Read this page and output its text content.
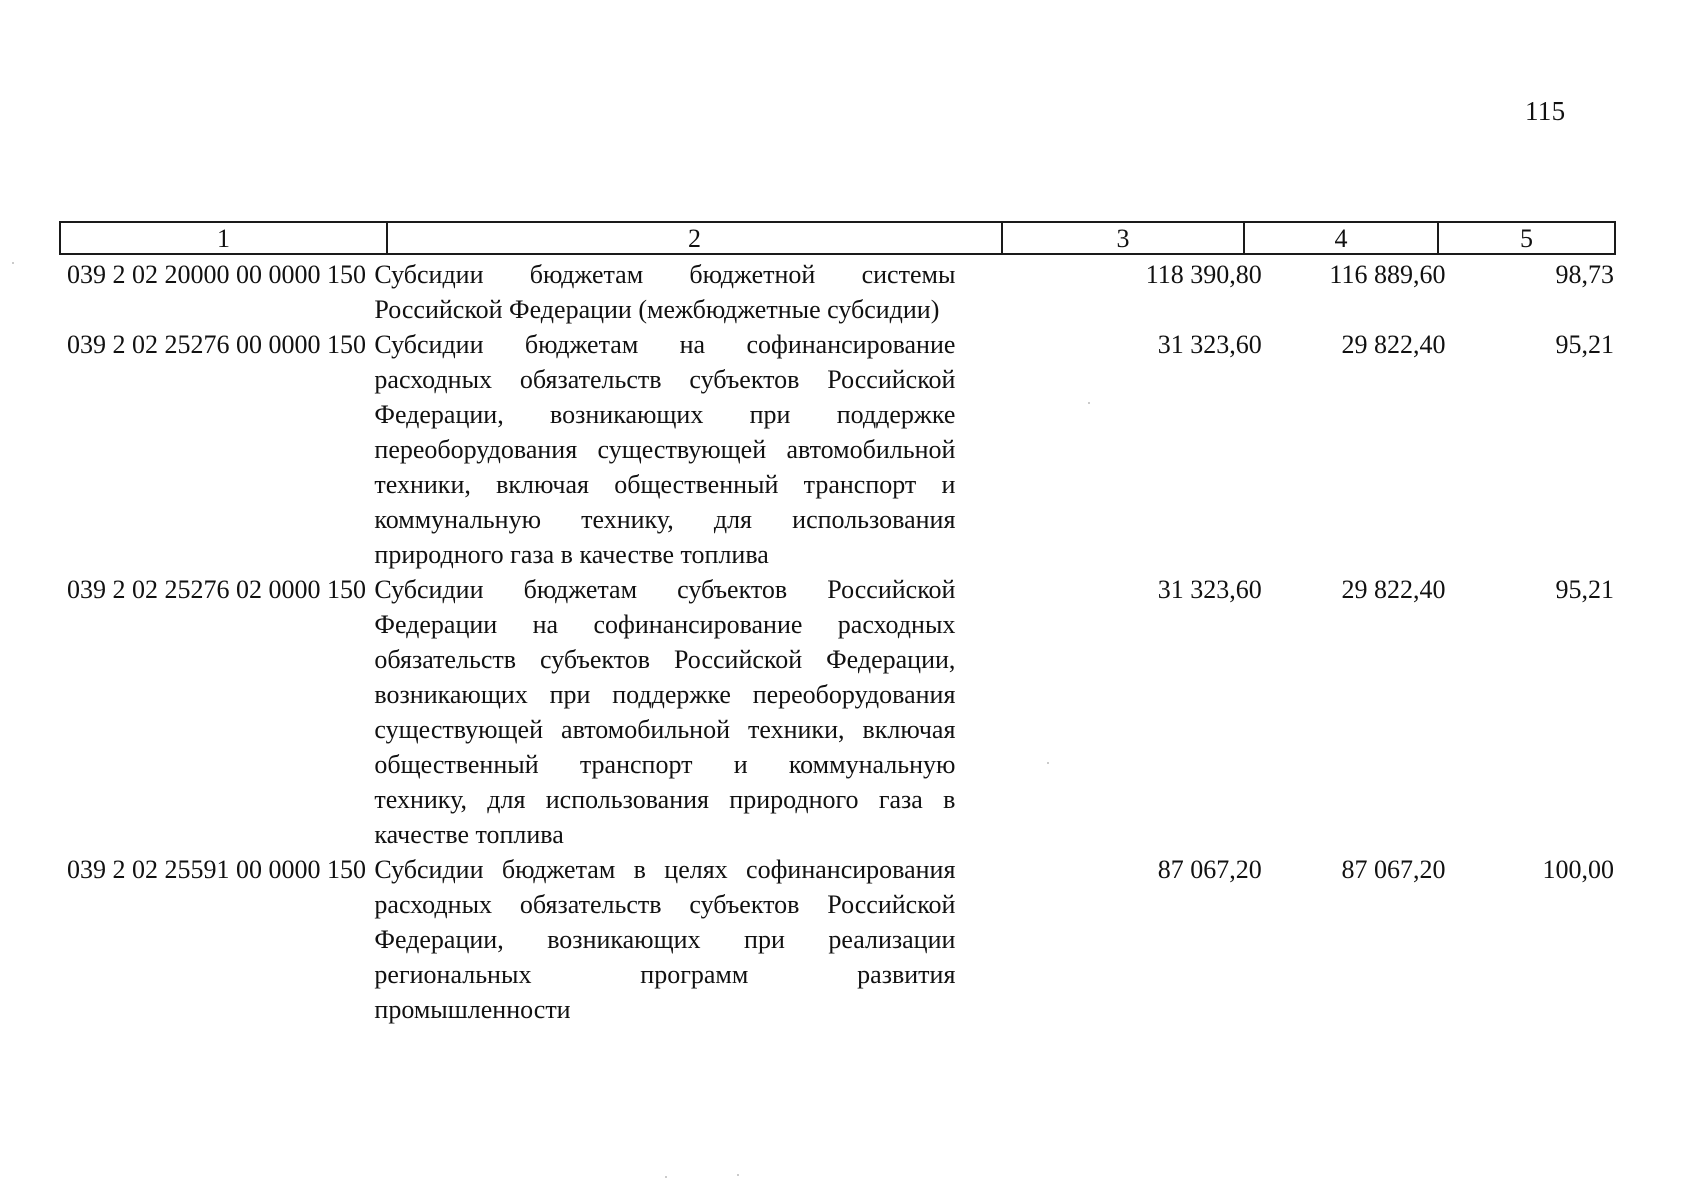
115
1	2	3	4	5
039 2 02 20000 00 0000 150 Субсидии бюджетам бюджетной системы
Российской Федерации (межбюджетные субсидии)
118 390,80	116 889,60	98,73
039 2 02 25276 00 0000 150 Субсидии бюджетам на софинансирование
расходных обязательств субъектов Российской
Федерации, возникающих при поддержке
переоборудования существующей автомобильной
техники, включая общественный транспорт и
коммунальную технику, для использования
природного газа в качестве топлива
31 323,60	29 822,40	95,21
039 2 02 25276 02 0000 150 Субсидии бюджетам субъектов Российской
Федерации на софинансирование расходных
обязательств субъектов Российской Федерации,
возникающих при поддержке переоборудования
существующей автомобильной техники, включая
общественный транспорт и коммунальную
технику, для использования природного газа в
качестве топлива
31 323,60	29 822,40	95,21
039 2 02 25591 00 0000 150 Субсидии бюджетам в целях софинансирования
расходных обязательств субъектов Российской
Федерации, возникающих при реализации
региональных программ развития
промышленности
87 067,20	87 067,20	100,00
